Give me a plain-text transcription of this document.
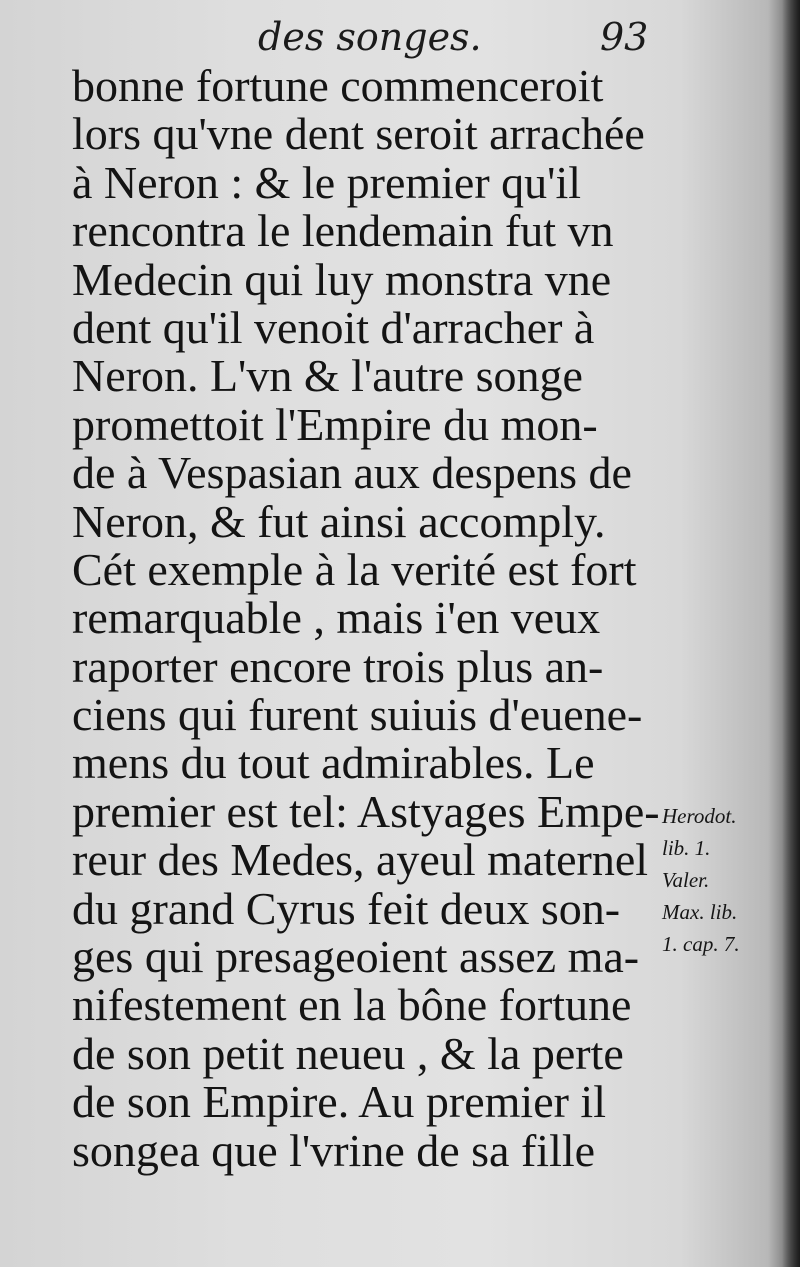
des songes.	93
bonne fortune commenceroit
lors qu'vne dent seroit arrachée
à Neron : & le premier qu'il
rencontra le lendemain fut vn
Medecin qui luy monstra vne
dent qu'il venoit d'arracher à
Neron. L'vn & l'autre songe
promettoit l'Empire du mon-
de à Vespasian aux despens de
Neron, & fut ainsi accomply.
Cét exemple à la verité est fort
remarquable , mais i'en veux
raporter encore trois plus an-
ciens qui furent suiuis d'euene-
mens du tout admirables. Le
premier est tel: Astyages Empe-
reur des Medes, ayeul maternel
du grand Cyrus feit deux son-
ges qui presageoient assez ma-
nifestement en la bône fortune
de son petit neueu , & la perte
de son Empire. Au premier il
songea que l'vrine de sa fille
Herodot.
lib. 1.
Valer.
Max. lib.
1. cap. 7.
